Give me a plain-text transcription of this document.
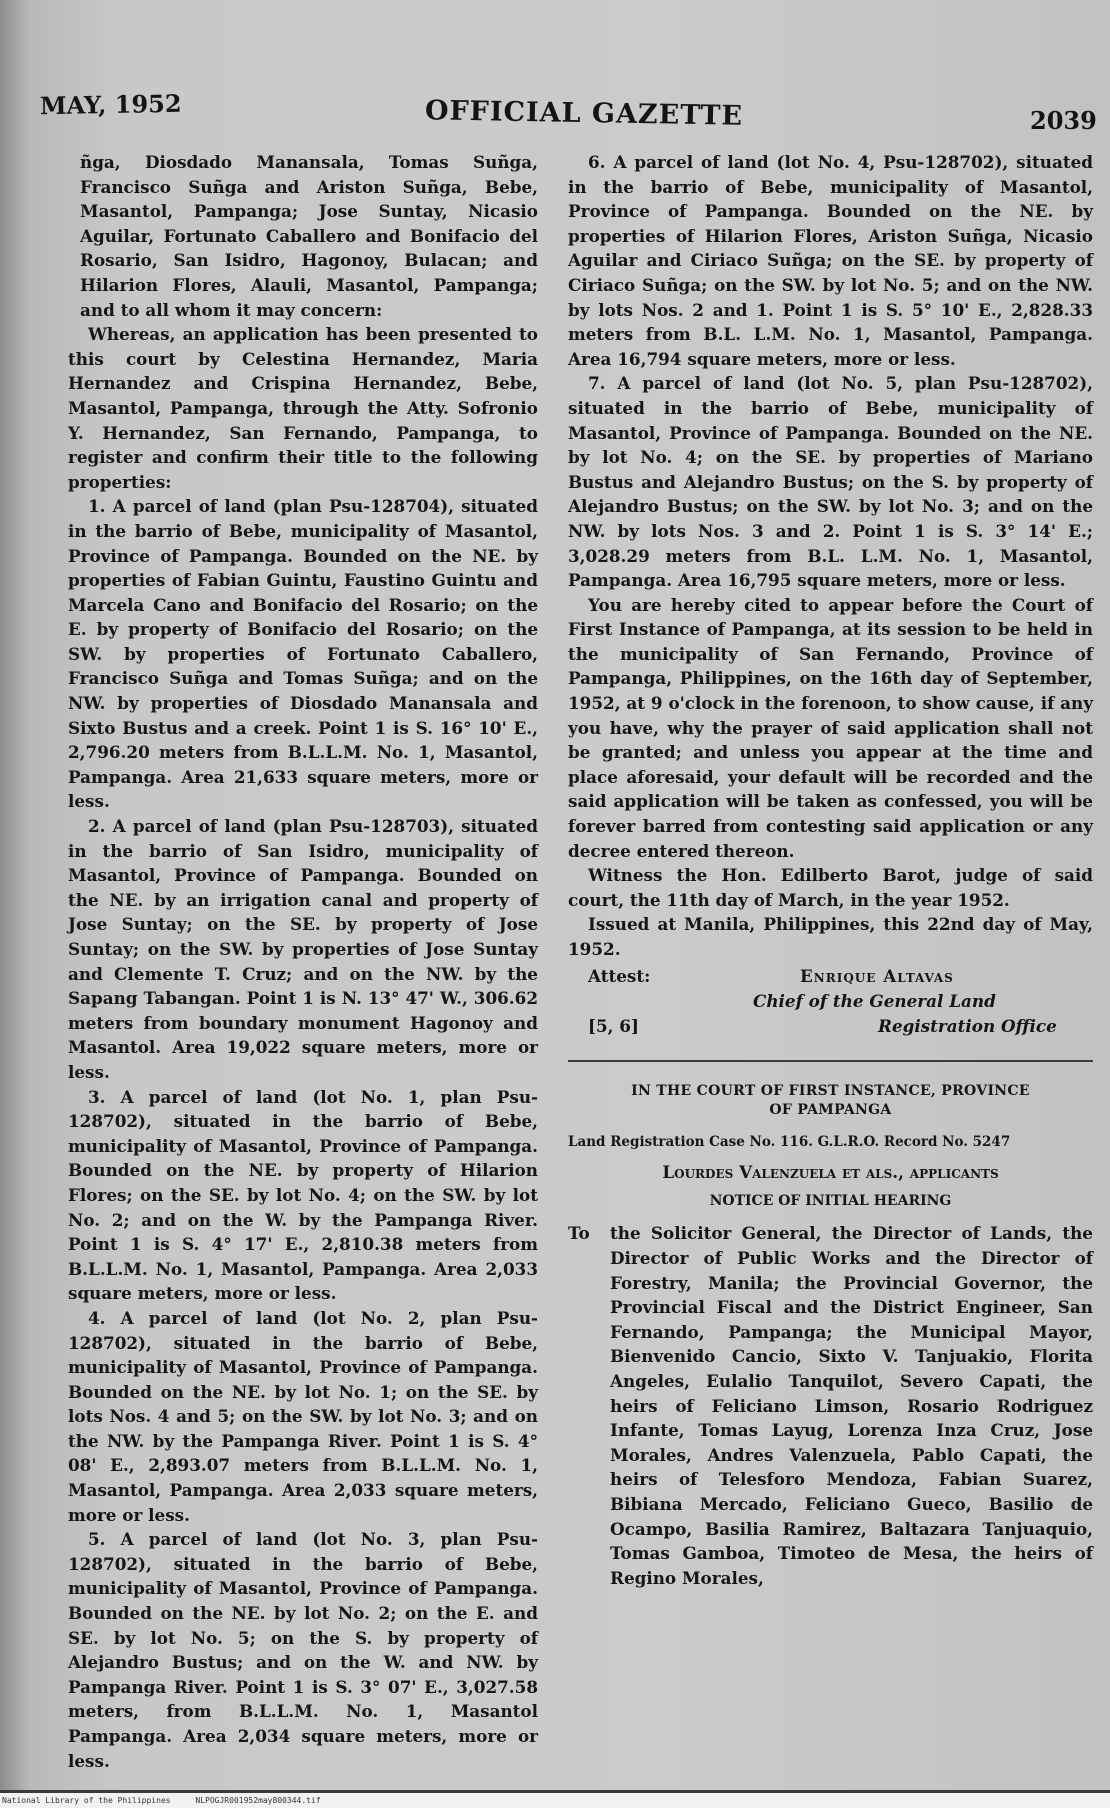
MAY, 1952	OFFICIAL GAZETTE	2039

ñga, Diosdado Manansala, Tomas Suñga, Francisco Suñga and Ariston Suñga, Bebe, Masantol, Pampanga; Jose Suntay, Nicasio Aguilar, Fortunato Caballero and Bonifacio del Rosario, San Isidro, Hagonoy, Bulacan; and Hilarion Flores, Alauli, Masantol, Pampanga; and to all whom it may concern:

Whereas, an application has been presented to this court by Celestina Hernandez, Maria Hernandez and Crispina Hernandez, Bebe, Masantol, Pampanga, through the Atty. Sofronio Y. Hernandez, San Fernando, Pampanga, to register and confirm their title to the following properties:

1. A parcel of land (plan Psu-128704), situated in the barrio of Bebe, municipality of Masantol, Province of Pampanga. Bounded on the NE. by properties of Fabian Guintu, Faustino Guintu and Marcela Cano and Bonifacio del Rosario; on the E. by property of Bonifacio del Rosario; on the SW. by properties of Fortunato Caballero, Francisco Suñga and Tomas Suñga; and on the NW. by properties of Diosdado Manansala and Sixto Bustus and a creek. Point 1 is S. 16° 10' E., 2,796.20 meters from B.L.L.M. No. 1, Masantol, Pampanga. Area 21,633 square meters, more or less.

2. A parcel of land (plan Psu-128703), situated in the barrio of San Isidro, municipality of Masantol, Province of Pampanga. Bounded on the NE. by an irrigation canal and property of Jose Suntay; on the SE. by property of Jose Suntay; on the SW. by properties of Jose Suntay and Clemente T. Cruz; and on the NW. by the Sapang Tabangan. Point 1 is N. 13° 47' W., 306.62 meters from boundary monument Hagonoy and Masantol. Area 19,022 square meters, more or less.

3. A parcel of land (lot No. 1, plan Psu-128702), situated in the barrio of Bebe, municipality of Masantol, Province of Pampanga. Bounded on the NE. by property of Hilarion Flores; on the SE. by lot No. 4; on the SW. by lot No. 2; and on the W. by the Pampanga River. Point 1 is S. 4° 17' E., 2,810.38 meters from B.L.L.M. No. 1, Masantol, Pampanga. Area 2,033 square meters, more or less.

4. A parcel of land (lot No. 2, plan Psu-128702), situated in the barrio of Bebe, municipality of Masantol, Province of Pampanga. Bounded on the NE. by lot No. 1; on the SE. by lots Nos. 4 and 5; on the SW. by lot No. 3; and on the NW. by the Pampanga River. Point 1 is S. 4° 08' E., 2,893.07 meters from B.L.L.M. No. 1, Masantol, Pampanga. Area 2,033 square meters, more or less.

5. A parcel of land (lot No. 3, plan Psu-128702), situated in the barrio of Bebe, municipality of Masantol, Province of Pampanga. Bounded on the NE. by lot No. 2; on the E. and SE. by lot No. 5; on the S. by property of Alejandro Bustus; and on the W. and NW. by Pampanga River. Point 1 is S. 3° 07' E., 3,027.58 meters, from B.L.L.M. No. 1, Masantol Pampanga. Area 2,034 square meters, more or less.

6. A parcel of land (lot No. 4, Psu-128702), situated in the barrio of Bebe, municipality of Masantol, Province of Pampanga. Bounded on the NE. by properties of Hilarion Flores, Ariston Suñga, Nicasio Aguilar and Ciriaco Suñga; on the SE. by property of Ciriaco Suñga; on the SW. by lot No. 5; and on the NW. by lots Nos. 2 and 1. Point 1 is S. 5° 10' E., 2,828.33 meters from B.L. L.M. No. 1, Masantol, Pampanga. Area 16,794 square meters, more or less.

7. A parcel of land (lot No. 5, plan Psu-128702), situated in the barrio of Bebe, municipality of Masantol, Province of Pampanga. Bounded on the NE. by lot No. 4; on the SE. by properties of Mariano Bustus and Alejandro Bustus; on the S. by property of Alejandro Bustus; on the SW. by lot No. 3; and on the NW. by lots Nos. 3 and 2. Point 1 is S. 3° 14' E.; 3,028.29 meters from B.L. L.M. No. 1, Masantol, Pampanga. Area 16,795 square meters, more or less.

You are hereby cited to appear before the Court of First Instance of Pampanga, at its session to be held in the municipality of San Fernando, Province of Pampanga, Philippines, on the 16th day of September, 1952, at 9 o'clock in the forenoon, to show cause, if any you have, why the prayer of said application shall not be granted; and unless you appear at the time and place aforesaid, your default will be recorded and the said application will be taken as confessed, you will be forever barred from contesting said application or any decree entered thereon.

Witness the Hon. Edilberto Barot, judge of said court, the 11th day of March, in the year 1952.

Issued at Manila, Philippines, this 22nd day of May, 1952.

Attest:	Enrique Altavas
Chief of the General Land
[5, 6]	Registration Office
IN THE COURT OF FIRST INSTANCE, PROVINCE
OF PAMPANGA
Land Registration Case No. 116. G.L.R.O. Record No. 5247
Lourdes Valenzuela et als., applicants
NOTICE OF INITIAL HEARING
To the Solicitor General, the Director of Lands, the Director of Public Works and the Director of Forestry, Manila; the Provincial Governor, the Provincial Fiscal and the District Engineer, San Fernando, Pampanga; the Municipal Mayor, Bienvenido Cancio, Sixto V. Tanjuakio, Florita Angeles, Eulalio Tanquilot, Severo Capati, the heirs of Feliciano Limson, Rosario Rodriguez Infante, Tomas Layug, Lorenza Inza Cruz, Jose Morales, Andres Valenzuela, Pablo Capati, the heirs of Telesforo Mendoza, Fabian Suarez, Bibiana Mercado, Feliciano Gueco, Basilio de Ocampo, Basilia Ramirez, Baltazara Tanjuaquio, Tomas Gamboa, Timoteo de Mesa, the heirs of Regino Morales,
National Library of the Philippines	NLPOGJR001952may800344.tif
